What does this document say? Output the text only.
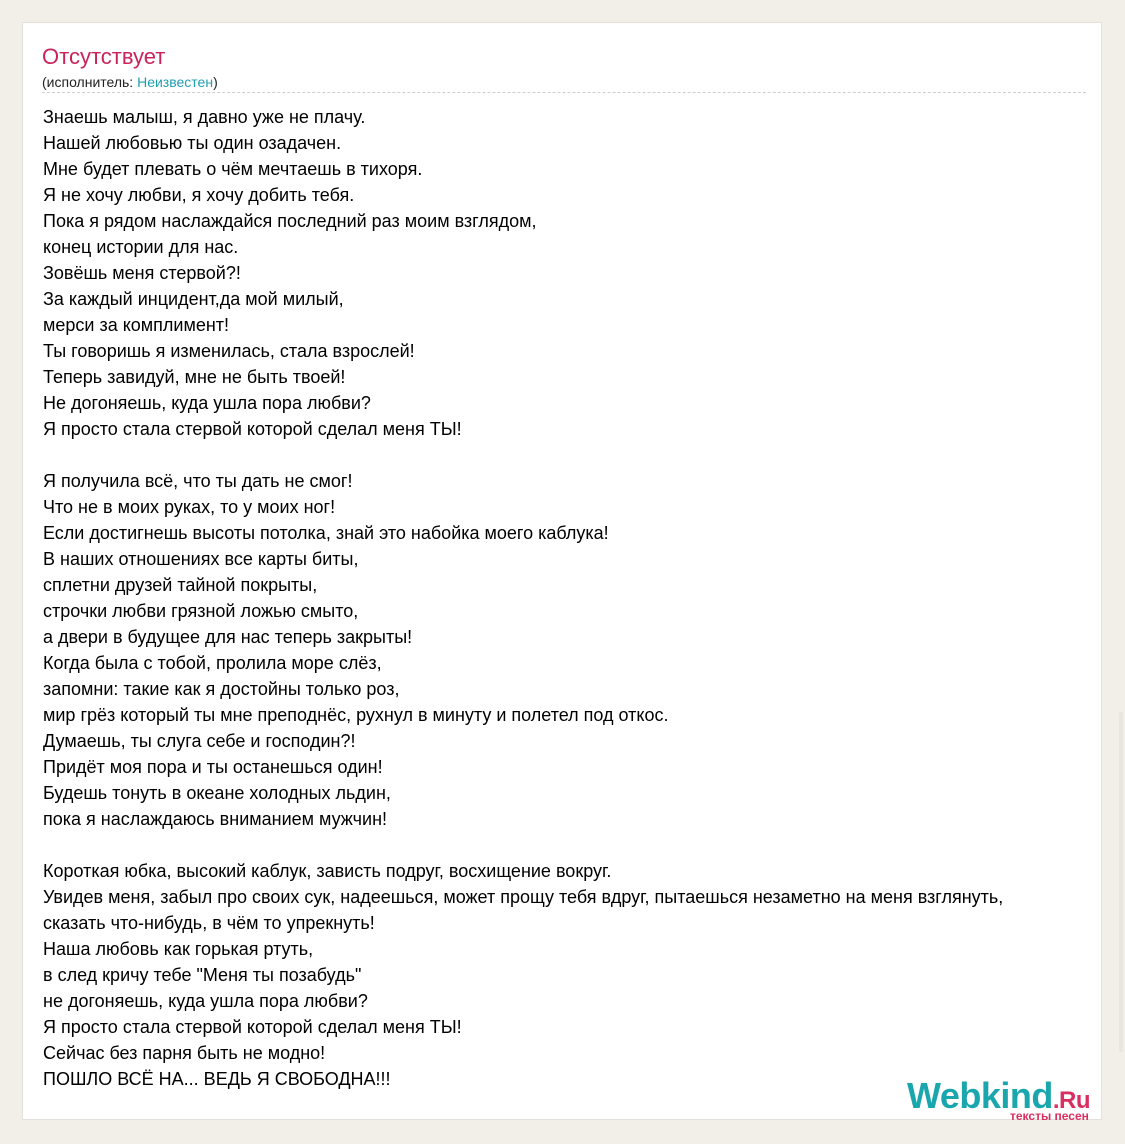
Отсутствует
(исполнитель: Неизвестен)
Знаешь малыш, я давно уже не плачу.
Нашей любовью ты один озадачен.
Мне будет плевать о чём мечтаешь в тихоря.
Я не хочу любви, я хочу добить тебя.
Пока я рядом наслаждайся последний раз моим взглядом,
конец истории для нас.
Зовёшь меня стервой?!
За каждый инцидент,да мой милый,
мерси за комплимент!
Ты говоришь я изменилась, стала взрослей!
Теперь завидуй, мне не быть твоей!
Не догоняешь, куда ушла пора любви?
Я просто стала стервой которой сделал меня ТЫ!
Я получила всё, что ты дать не смог!
Что не в моих руках, то у моих ног!
Если достигнешь высоты потолка, знай это набойка моего каблука!
В наших отношениях все карты биты,
сплетни друзей тайной покрыты,
строчки любви грязной ложью смыто,
а двери в будущее для нас теперь закрыты!
Когда была с тобой, пролила море слёз,
запомни: такие как я достойны только роз,
мир грёз который ты мне преподнёс, рухнул в минуту и полетел под откос.
Думаешь, ты слуга себе и господин?!
Придёт моя пора и ты останешься один!
Будешь тонуть в океане холодных льдин,
пока я наслаждаюсь вниманием мужчин!
Короткая юбка, высокий каблук, зависть подруг, восхищение вокруг.
Увидев меня, забыл про своих сук, надеешься, может прощу тебя вдруг, пытаешься незаметно на меня взглянуть,
сказать что-нибудь, в чём то упрекнуть!
Наша любовь как горькая ртуть,
в след кричу тебе "Меня ты позабудь"
не догоняешь, куда ушла пора любви?
Я просто стала стервой которой сделал меня ТЫ!
Сейчас без парня быть не модно!
ПОШЛО ВСЁ НА... ВЕДЬ Я СВОБОДНА!!!	Webkind.Ru
тексты песен
